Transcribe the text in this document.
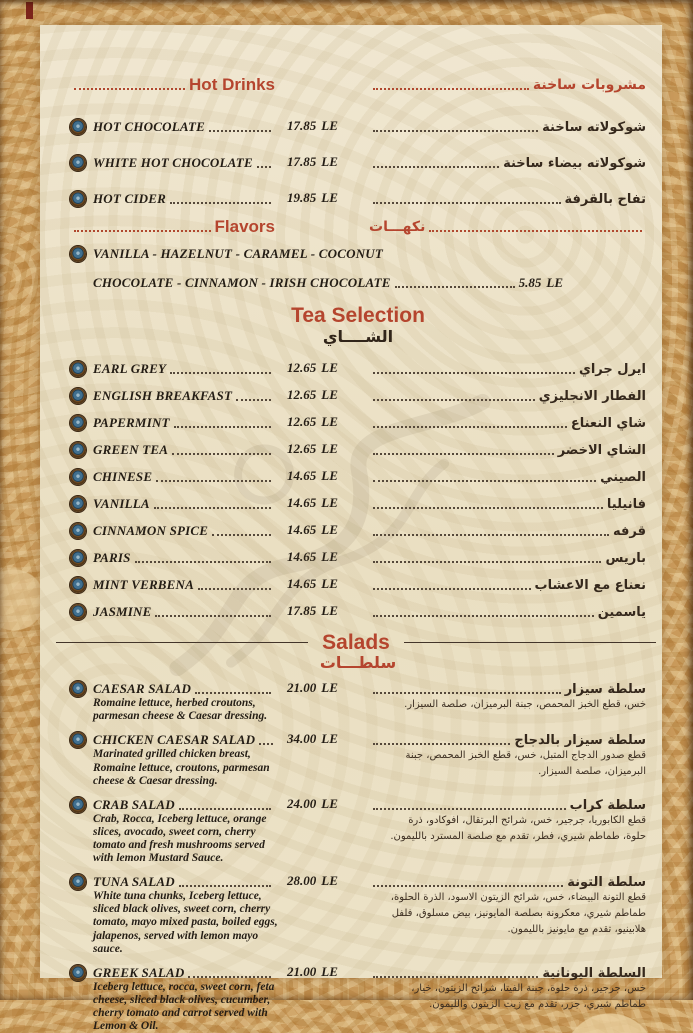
Hot Drinks	مشروبات ساخنة
HOT CHOCOLATE	17.85 LE	شوكولاته ساخنة
WHITE HOT CHOCOLATE	17.85 LE	شوكولاته بيضاء ساخنة
HOT CIDER	19.85 LE	تفاح بالقرفة
Flavors	نكهـــات
VANILLA - HAZELNUT - CARAMEL - COCONUT
CHOCOLATE - CINNAMON - IRISH CHOCOLATE	5.85 LE
Tea Selection
الشــــاي
EARL GREY	12.65 LE	ايرل جراي
ENGLISH BREAKFAST	12.65 LE	الفطار الانجليزي
PAPERMINT	12.65 LE	شاي النعناع
GREEN TEA	12.65 LE	الشاي الاخضر
CHINESE	14.65 LE	الصيني
VANILLA	14.65 LE	فانيليا
CINNAMON SPICE	14.65 LE	قرفه
PARIS	14.65 LE	باريس
MINT VERBENA	14.65 LE	نعناع مع الاعشاب
JASMINE	17.85 LE	ياسمين
Salads
سلطـــات
CAESAR SALAD	21.00 LE	سلطة سيزار
Romaine lettuce, herbed croutons, parmesan cheese & Caesar dressing.
خس، قطع الخبز المحمص، جبنة البرميزان، صلصة السيزار.
CHICKEN CAESAR SALAD	34.00 LE	سلطة سيزار بالدجاج
Marinated grilled chicken breast, Romaine lettuce, croutons, parmesan cheese & Caesar dressing.
قطع صدور الدجاج المتبل، خس، قطع الخبز المحمص، جبنة البرميزان، صلصة السيزار.
CRAB SALAD	24.00 LE	سلطة كراب
Crab, Rocca, Iceberg lettuce, orange slices, avocado, sweet corn, cherry tomato and fresh mushrooms served with lemon Mustard Sauce.
قطع الكابوريا، جرجير، خس، شرائح البرتقال، افوكادو، ذرة حلوة، طماطم شيري، فطر، تقدم مع صلصة المسترد بالليمون.
TUNA SALAD	28.00 LE	سلطة التونة
White tuna chunks, Iceberg lettuce, sliced black olives, sweet corn, cherry tomato, mayo mixed pasta, boiled eggs, jalapenos, served with lemon mayo sauce.
قطع التونة البيضاء، خس، شرائح الزيتون الاسود، الذرة الحلوة، طماطم شيري، معكرونة بصلصة المايونيز، بيض مسلوق، فلفل هلابينيو، تقدم مع مايونيز بالليمون.
GREEK SALAD	21.00 LE	السلطة اليونانية
Iceberg lettuce, rocca, sweet corn, feta cheese, sliced black olives, cucumber, cherry tomato and carrot served with Lemon & Oil.
خس، جرجير، ذرة حلوة، جبنة الفيتا، شرائح الزيتون، خيار، طماطم شيري، جزر، تقدم مع زيت الزيتون والليمون.
